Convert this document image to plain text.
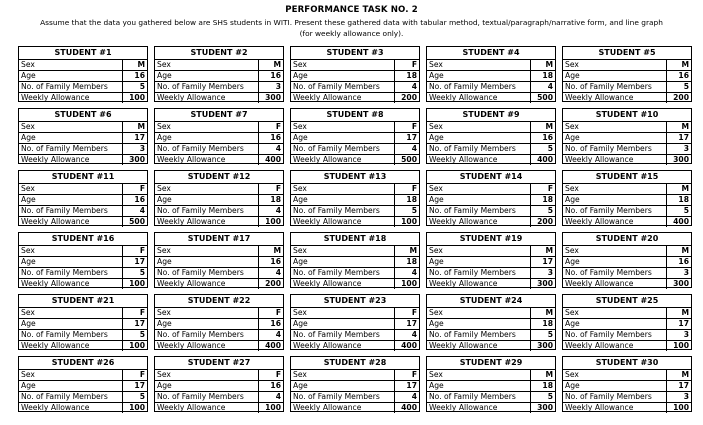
PERFORMANCE TASK NO. 2
Assume that the data you gathered below are SHS students in WITI. Present these gathered data with tabular method, textual/paragraph/narrative form, and line graph
(for weekly allowance only).
STUDENT #1
Sex	M
Age	16
No. of Family Members	5
Weekly Allowance	100
STUDENT #2
Sex	M
Age	16
No. of Family Members	3
Weekly Allowance	300
STUDENT #3
Sex	F
Age	18
No. of Family Members	4
Weekly Allowance	200
STUDENT #4
Sex	M
Age	18
No. of Family Members	4
Weekly Allowance	500
STUDENT #5
Sex	M
Age	16
No. of Family Members	5
Weekly Allowance	200
STUDENT #6
Sex	M
Age	17
No. of Family Members	3
Weekly Allowance	300
STUDENT #7
Sex	F
Age	16
No. of Family Members	4
Weekly Allowance	400
STUDENT #8
Sex	F
Age	17
No. of Family Members	4
Weekly Allowance	500
STUDENT #9
Sex	M
Age	16
No. of Family Members	5
Weekly Allowance	400
STUDENT #10
Sex	M
Age	17
No. of Family Members	3
Weekly Allowance	300
STUDENT #11
Sex	F
Age	16
No. of Family Members	4
Weekly Allowance	500
STUDENT #12
Sex	F
Age	18
No. of Family Members	4
Weekly Allowance	100
STUDENT #13
Sex	F
Age	18
No. of Family Members	5
Weekly Allowance	100
STUDENT #14
Sex	F
Age	18
No. of Family Members	5
Weekly Allowance	200
STUDENT #15
Sex	M
Age	18
No. of Family Members	5
Weekly Allowance	400
STUDENT #16
Sex	F
Age	17
No. of Family Members	5
Weekly Allowance	100
STUDENT #17
Sex	M
Age	16
No. of Family Members	4
Weekly Allowance	200
STUDENT #18
Sex	M
Age	18
No. of Family Members	4
Weekly Allowance	100
STUDENT #19
Sex	M
Age	17
No. of Family Members	3
Weekly Allowance	300
STUDENT #20
Sex	M
Age	16
No. of Family Members	3
Weekly Allowance	300
STUDENT #21
Sex	F
Age	17
No. of Family Members	5
Weekly Allowance	100
STUDENT #22
Sex	F
Age	16
No. of Family Members	4
Weekly Allowance	400
STUDENT #23
Sex	F
Age	17
No. of Family Members	4
Weekly Allowance	400
STUDENT #24
Sex	M
Age	18
No. of Family Members	5
Weekly Allowance	300
STUDENT #25
Sex	M
Age	17
No. of Family Members	3
Weekly Allowance	100
STUDENT #26
Sex	F
Age	17
No. of Family Members	5
Weekly Allowance	100
STUDENT #27
Sex	F
Age	16
No. of Family Members	4
Weekly Allowance	100
STUDENT #28
Sex	F
Age	17
No. of Family Members	4
Weekly Allowance	400
STUDENT #29
Sex	M
Age	18
No. of Family Members	5
Weekly Allowance	300
STUDENT #30
Sex	M
Age	17
No. of Family Members	3
Weekly Allowance	100
